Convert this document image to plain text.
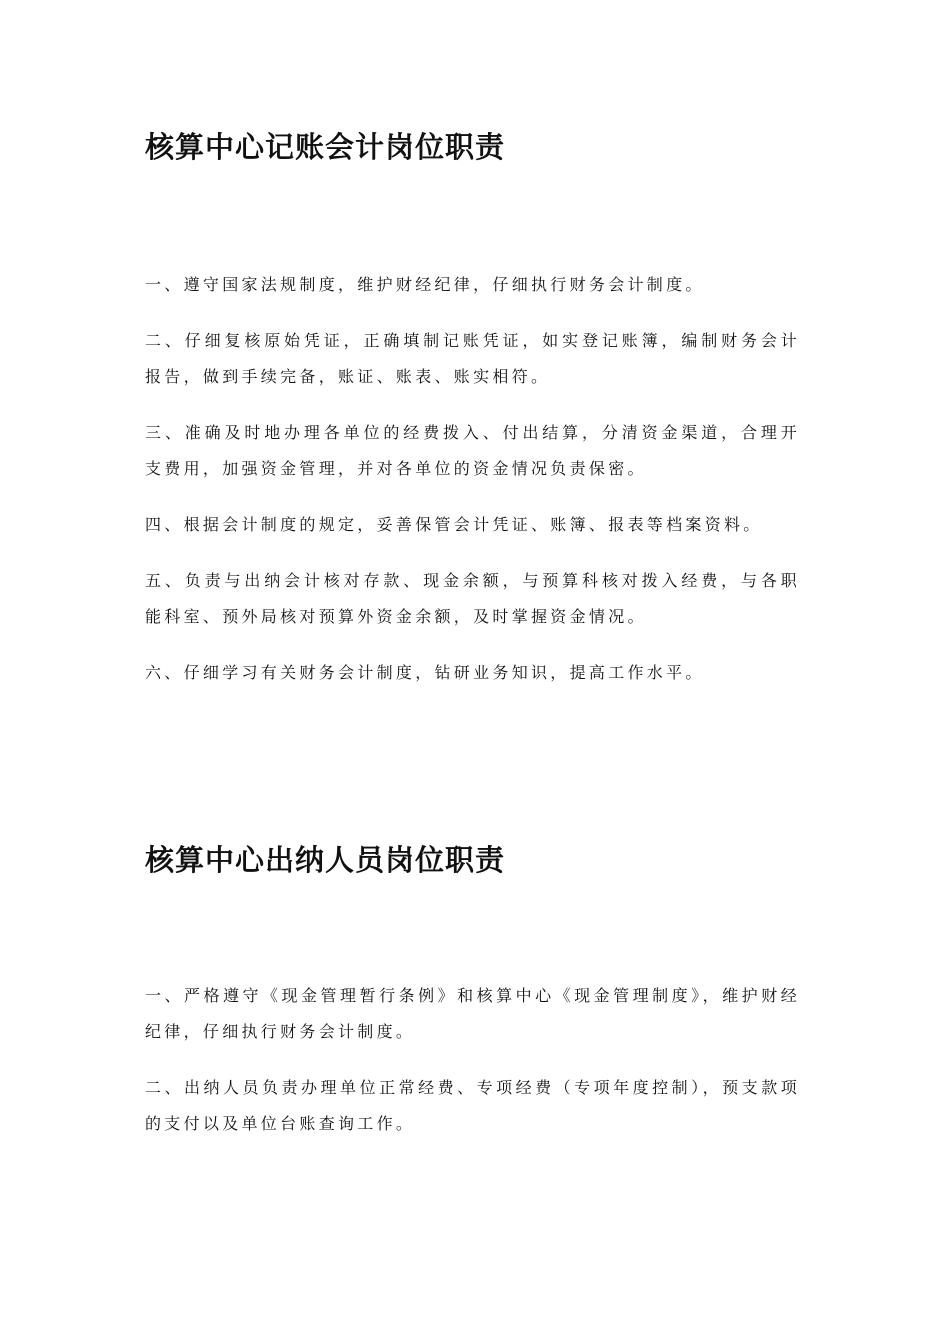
核算中心记账会计岗位职责

一、遵守国家法规制度，维护财经纪律，仔细执行财务会计制度。

二、仔细复核原始凭证，正确填制记账凭证，如实登记账簿，编制财务会计报告，做到手续完备，账证、账表、账实相符。

三、准确及时地办理各单位的经费拨入、付出结算，分清资金渠道，合理开支费用，加强资金管理，并对各单位的资金情况负责保密。

四、根据会计制度的规定，妥善保管会计凭证、账簿、报表等档案资料。

五、负责与出纳会计核对存款、现金余额，与预算科核对拨入经费，与各职能科室、预外局核对预算外资金余额，及时掌握资金情况。

六、仔细学习有关财务会计制度，钻研业务知识，提高工作水平。

核算中心出纳人员岗位职责

一、严格遵守《现金管理暂行条例》和核算中心《现金管理制度》，维护财经纪律，仔细执行财务会计制度。

二、出纳人员负责办理单位正常经费、专项经费（专项年度控制），预支款项的支付以及单位台账查询工作。
